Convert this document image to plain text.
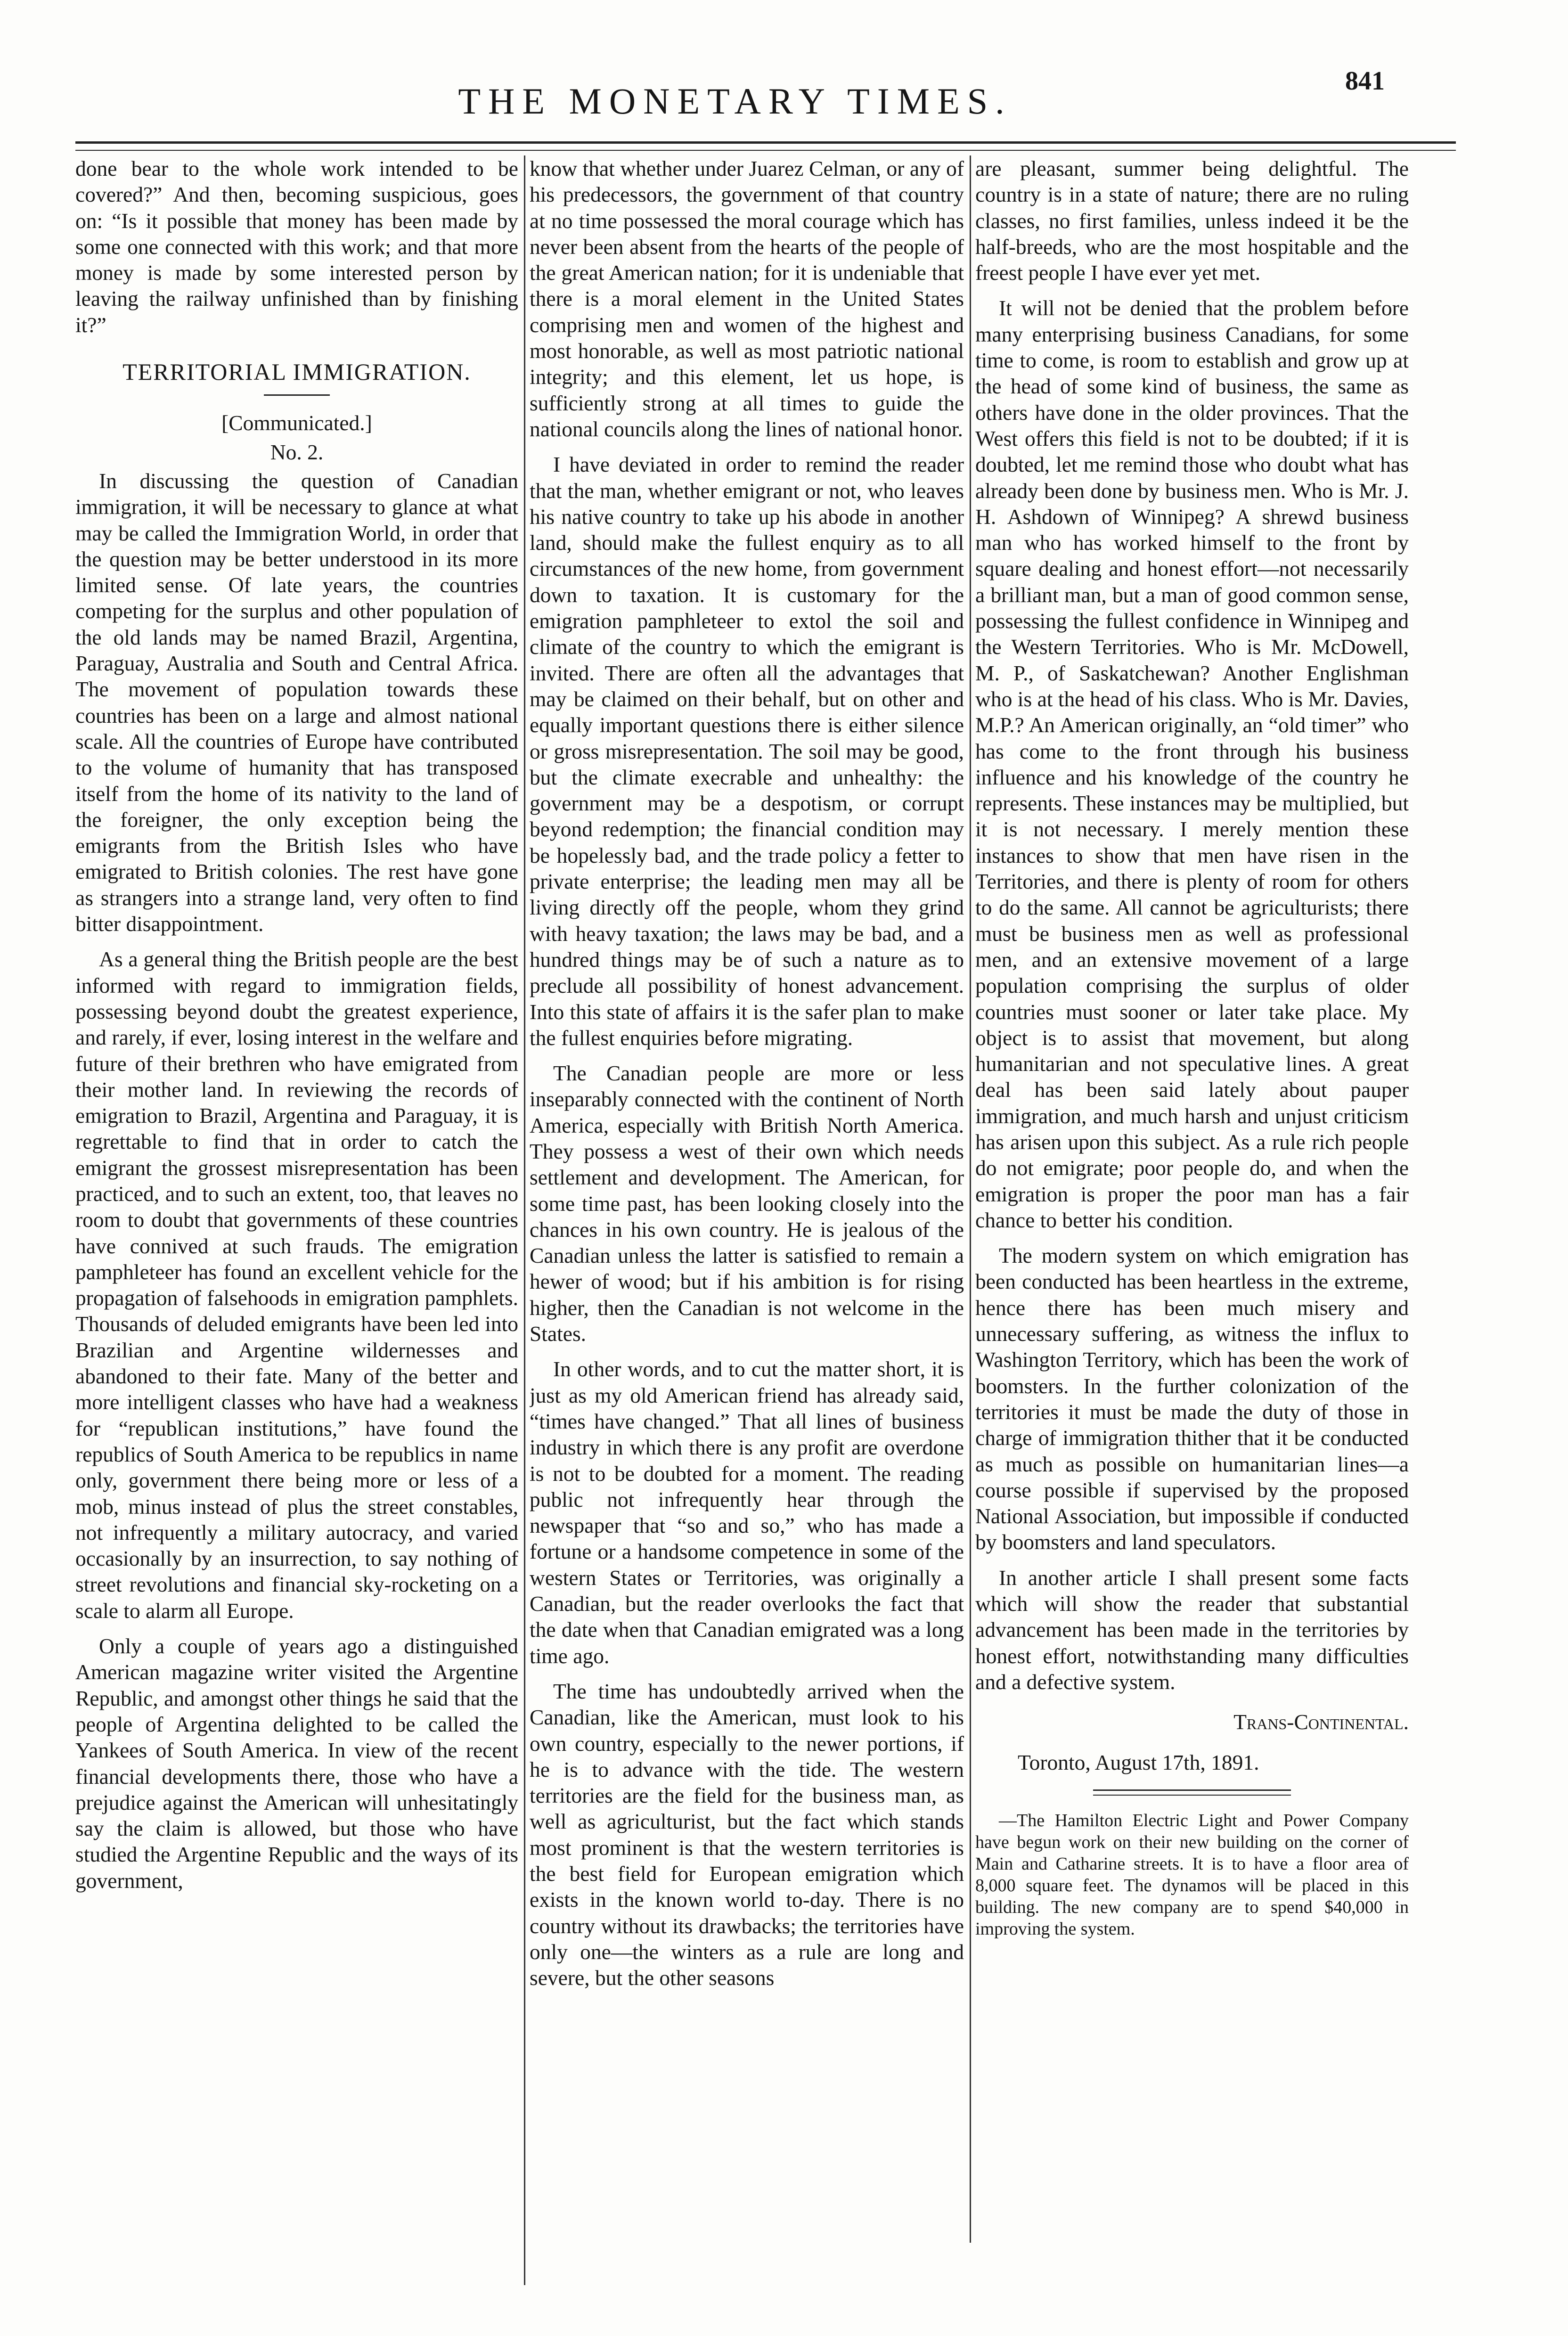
THE MONETARY TIMES.	841

done bear to the whole work intended to be covered?” And then, becoming suspicious, goes on: “Is it possible that money has been made by some one connected with this work; and that more money is made by some interested person by leaving the railway unfinished than by finishing it?”

TERRITORIAL IMMIGRATION.

[Communicated.]

No. 2.

In discussing the question of Canadian immigration, it will be necessary to glance at what may be called the Immigration World, in order that the question may be better understood in its more limited sense. Of late years, the countries competing for the surplus and other population of the old lands may be named Brazil, Argentina, Paraguay, Australia and South and Central Africa. The movement of population towards these countries has been on a large and almost national scale. All the countries of Europe have contributed to the volume of humanity that has transposed itself from the home of its nativity to the land of the foreigner, the only exception being the emigrants from the British Isles who have emigrated to British colonies. The rest have gone as strangers into a strange land, very often to find bitter disappointment.

As a general thing the British people are the best informed with regard to immigration fields, possessing beyond doubt the greatest experience, and rarely, if ever, losing interest in the welfare and future of their brethren who have emigrated from their mother land. In reviewing the records of emigration to Brazil, Argentina and Paraguay, it is regrettable to find that in order to catch the emigrant the grossest misrepresentation has been practiced, and to such an extent, too, that leaves no room to doubt that governments of these countries have connived at such frauds. The emigration pamphleteer has found an excellent vehicle for the propagation of falsehoods in emigration pamphlets. Thousands of deluded emigrants have been led into Brazilian and Argentine wildernesses and abandoned to their fate. Many of the better and more intelligent classes who have had a weakness for “republican institutions,” have found the republics of South America to be republics in name only, government there being more or less of a mob, minus instead of plus the street constables, not infrequently a military autocracy, and varied occasionally by an insurrection, to say nothing of street revolutions and financial sky-rocketing on a scale to alarm all Europe.

Only a couple of years ago a distinguished American magazine writer visited the Argentine Republic, and amongst other things he said that the people of Argentina delighted to be called the Yankees of South America. In view of the recent financial developments there, those who have a prejudice against the American will unhesitatingly say the claim is allowed, but those who have studied the Argentine Republic and the ways of its government,

know that whether under Juarez Celman, or any of his predecessors, the government of that country at no time possessed the moral courage which has never been absent from the hearts of the people of the great American nation; for it is undeniable that there is a moral element in the United States comprising men and women of the highest and most honorable, as well as most patriotic national integrity; and this element, let us hope, is sufficiently strong at all times to guide the national councils along the lines of national honor.

I have deviated in order to remind the reader that the man, whether emigrant or not, who leaves his native country to take up his abode in another land, should make the fullest enquiry as to all circumstances of the new home, from government down to taxation. It is customary for the emigration pamphleteer to extol the soil and climate of the country to which the emigrant is invited. There are often all the advantages that may be claimed on their behalf, but on other and equally important questions there is either silence or gross misrepresentation. The soil may be good, but the climate execrable and unhealthy: the government may be a despotism, or corrupt beyond redemption; the financial condition may be hopelessly bad, and the trade policy a fetter to private enterprise; the leading men may all be living directly off the people, whom they grind with heavy taxation; the laws may be bad, and a hundred things may be of such a nature as to preclude all possibility of honest advancement. Into this state of affairs it is the safer plan to make the fullest enquiries before migrating.

The Canadian people are more or less inseparably connected with the continent of North America, especially with British North America. They possess a west of their own which needs settlement and development. The American, for some time past, has been looking closely into the chances in his own country. He is jealous of the Canadian unless the latter is satisfied to remain a hewer of wood; but if his ambition is for rising higher, then the Canadian is not welcome in the States.

In other words, and to cut the matter short, it is just as my old American friend has already said, “times have changed.” That all lines of business industry in which there is any profit are overdone is not to be doubted for a moment. The reading public not infrequently hear through the newspaper that “so and so,” who has made a fortune or a handsome competence in some of the western States or Territories, was originally a Canadian, but the reader overlooks the fact that the date when that Canadian emigrated was a long time ago.

The time has undoubtedly arrived when the Canadian, like the American, must look to his own country, especially to the newer portions, if he is to advance with the tide. The western territories are the field for the business man, as well as agriculturist, but the fact which stands most prominent is that the western territories is the best field for European emigration which exists in the known world to-day. There is no country without its drawbacks; the territories have only one—the winters as a rule are long and severe, but the other seasons

are pleasant, summer being delightful. The country is in a state of nature; there are no ruling classes, no first families, unless indeed it be the half-breeds, who are the most hospitable and the freest people I have ever yet met.

It will not be denied that the problem before many enterprising business Canadians, for some time to come, is room to establish and grow up at the head of some kind of business, the same as others have done in the older provinces. That the West offers this field is not to be doubted; if it is doubted, let me remind those who doubt what has already been done by business men. Who is Mr. J. H. Ashdown of Winnipeg? A shrewd business man who has worked himself to the front by square dealing and honest effort—not necessarily a brilliant man, but a man of good common sense, possessing the fullest confidence in Winnipeg and the Western Territories. Who is Mr. McDowell, M. P., of Saskatchewan? Another Englishman who is at the head of his class. Who is Mr. Davies, M.P.? An American originally, an “old timer” who has come to the front through his business influence and his knowledge of the country he represents. These instances may be multiplied, but it is not necessary. I merely mention these instances to show that men have risen in the Territories, and there is plenty of room for others to do the same. All cannot be agriculturists; there must be business men as well as professional men, and an extensive movement of a large population comprising the surplus of older countries must sooner or later take place. My object is to assist that movement, but along humanitarian and not speculative lines. A great deal has been said lately about pauper immigration, and much harsh and unjust criticism has arisen upon this subject. As a rule rich people do not emigrate; poor people do, and when the emigration is proper the poor man has a fair chance to better his condition.

The modern system on which emigration has been conducted has been heartless in the extreme, hence there has been much misery and unnecessary suffering, as witness the influx to Washington Territory, which has been the work of boomsters. In the further colonization of the territories it must be made the duty of those in charge of immigration thither that it be conducted as much as possible on humanitarian lines—a course possible if supervised by the proposed National Association, but impossible if conducted by boomsters and land speculators.

In another article I shall present some facts which will show the reader that substantial advancement has been made in the territories by honest effort, notwithstanding many difficulties and a defective system.

Trans-Continental.

Toronto, August 17th, 1891.

—The Hamilton Electric Light and Power Company have begun work on their new building on the corner of Main and Catharine streets. It is to have a floor area of 8,000 square feet. The dynamos will be placed in this building. The new company are to spend $40,000 in improving the system.
